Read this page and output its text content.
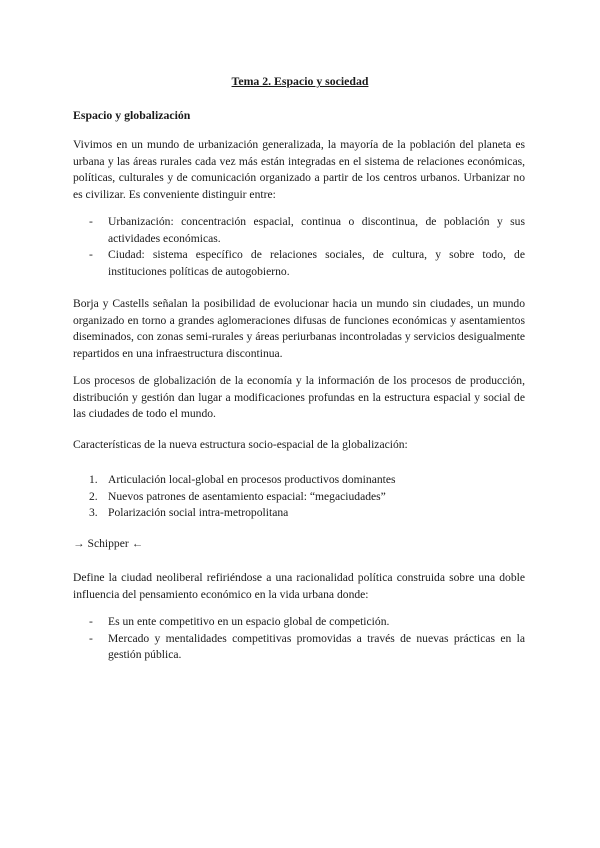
Tema 2. Espacio y sociedad
Espacio y globalización

Vivimos en un mundo de urbanización generalizada, la mayoría de la población del planeta es urbana y las áreas rurales cada vez más están integradas en el sistema de relaciones económicas, políticas, culturales y de comunicación organizado a partir de los centros urbanos. Urbanizar no es civilizar. Es conveniente distinguir entre:

- Urbanización: concentración espacial, continua o discontinua, de población y sus actividades económicas.
- Ciudad: sistema específico de relaciones sociales, de cultura, y sobre todo, de instituciones políticas de autogobierno.

Borja y Castells señalan la posibilidad de evolucionar hacia un mundo sin ciudades, un mundo organizado en torno a grandes aglomeraciones difusas de funciones económicas y asentamientos diseminados, con zonas semi-rurales y áreas periurbanas incontroladas y servicios desigualmente repartidos en una infraestructura discontinua.

Los procesos de globalización de la economía y la información de los procesos de producción, distribución y gestión dan lugar a modificaciones profundas en la estructura espacial y social de las ciudades de todo el mundo.

Características de la nueva estructura socio-espacial de la globalización:

1. Articulación local-global en procesos productivos dominantes
2. Nuevos patrones de asentamiento espacial: “megaciudades”
3. Polarización social intra-metropolitana
→ Schipper ←

Define la ciudad neoliberal refiriéndose a una racionalidad política construida sobre una doble influencia del pensamiento económico en la vida urbana donde:

- Es un ente competitivo en un espacio global de competición.
- Mercado y mentalidades competitivas promovidas a través de nuevas prácticas en la gestión pública.
